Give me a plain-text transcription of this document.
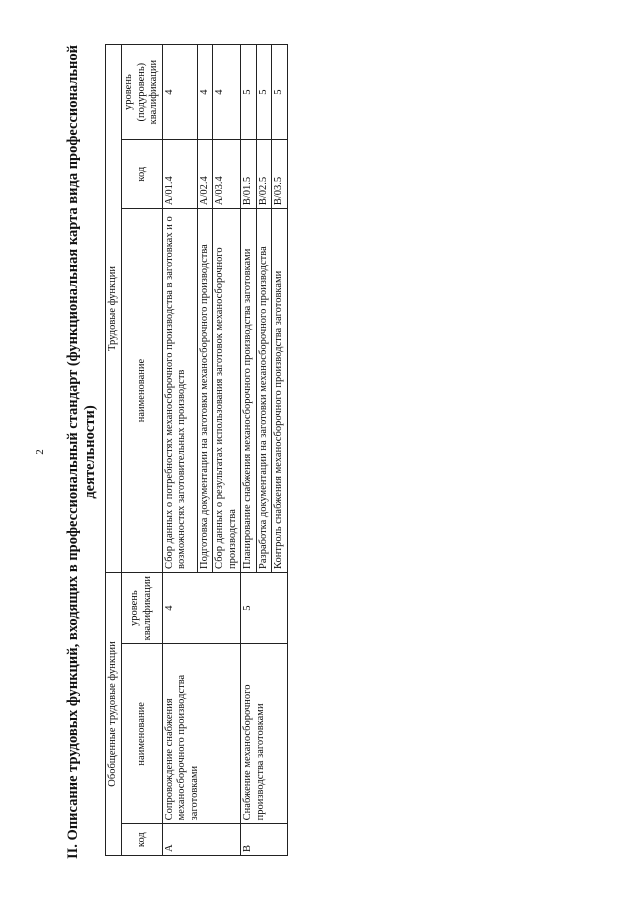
2	II. Описание трудовых функций, входящих в профессиональный стандарт (функциональная карта вида профессиональной деятельности)
Обобщенные трудовые функции			Трудовые функции		
код	наименование	уровень квалификации	наименование	код	уровень (подуровень) квалификации
A	Сопровождение снабжения механосборочного производства заготовками	4	Сбор данных о потребностях механосборочного производства в заготовках и о возможностях заготовительных производств	A/01.4	4
			Подготовка документации на заготовки механосборочного производства	A/02.4	4
			Сбор данных о результатах использования заготовок механосборочного производства	A/03.4	4
B	Снабжение механосборочного производства заготовками	5	Планирование снабжения механосборочного производства заготовками	B/01.5	5
			Разработка документации на заготовки механосборочного производства	B/02.5	5
			Контроль снабжения механосборочного производства заготовками	B/03.5	5
